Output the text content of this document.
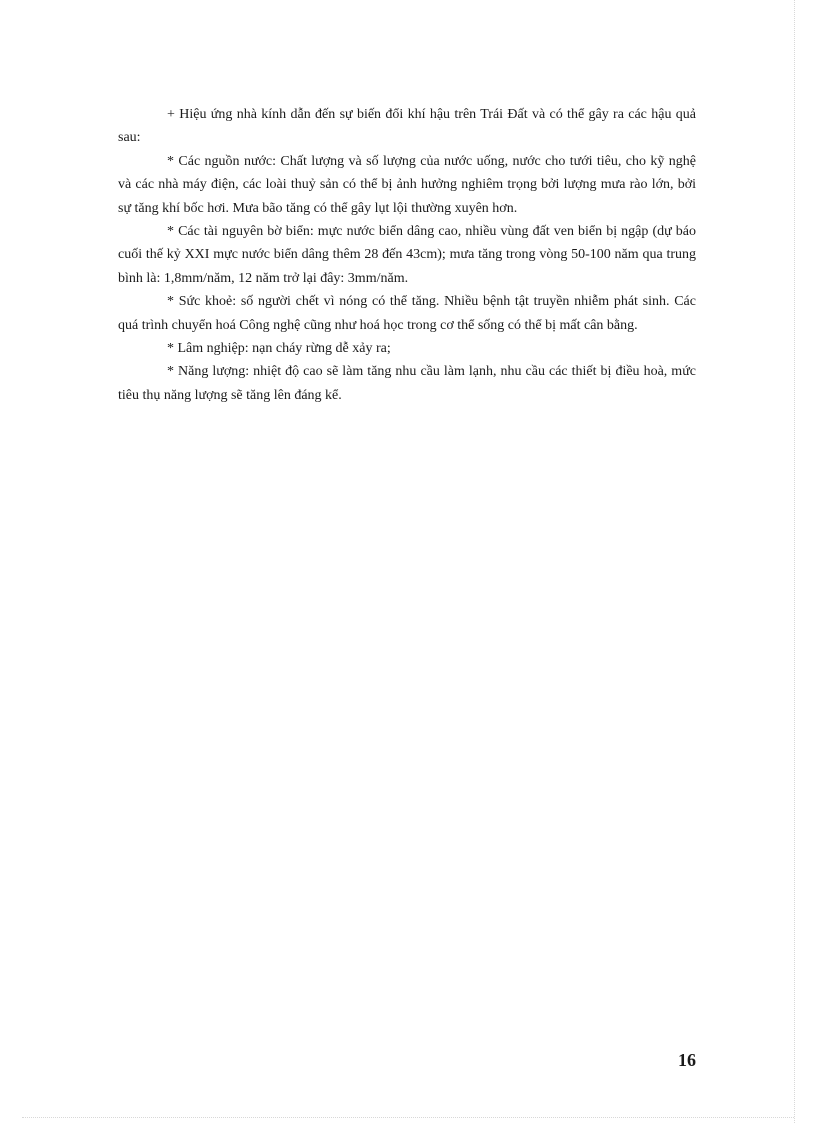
+ Hiệu ứng nhà kính dẫn đến sự biến đổi khí hậu trên Trái Đất và có thể gây ra các hậu quả sau:

* Các nguồn nước: Chất lượng và số lượng của nước uống, nước cho tưới tiêu, cho kỹ nghệ và các nhà máy điện, các loài thuỷ sản có thể bị ảnh hưởng nghiêm trọng bởi lượng mưa rào lớn, bởi sự tăng khí bốc hơi. Mưa bão tăng có thể gây lụt lội thường xuyên hơn.

* Các tài nguyên bờ biển: mực nước biển dâng cao, nhiều vùng đất ven biển bị ngập (dự báo cuối thế kỷ XXI mực nước biển dâng thêm 28 đến 43cm); mưa tăng trong vòng 50-100 năm qua trung bình là: 1,8mm/năm, 12 năm trở lại đây: 3mm/năm.

* Sức khoẻ: số người chết vì nóng có thể tăng. Nhiều bệnh tật truyền nhiễm phát sinh. Các quá trình chuyển hoá Công nghệ cũng như hoá học trong cơ thể sống có thể bị mất cân bằng.

* Lâm nghiệp: nạn cháy rừng dễ xảy ra;

* Năng lượng: nhiệt độ cao sẽ làm tăng nhu cầu làm lạnh, nhu cầu các thiết bị điều hoà, mức tiêu thụ năng lượng sẽ tăng lên đáng kể.

16
